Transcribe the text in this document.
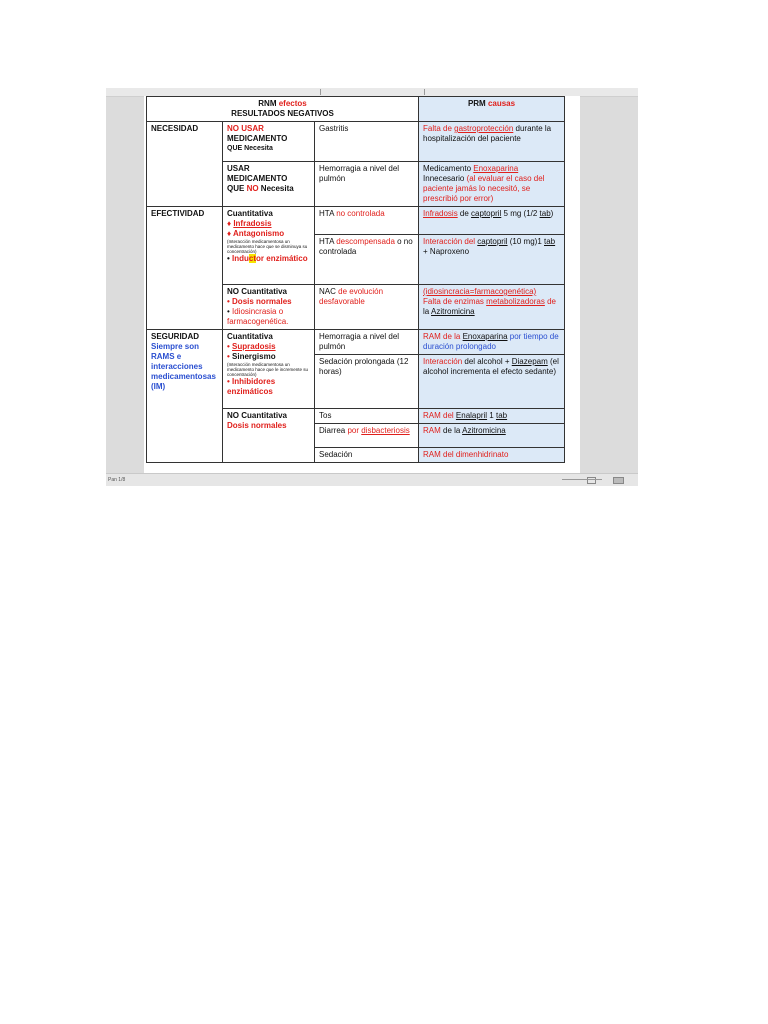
RNM efectos
RESULTADOS NEGATIVOS			PRM causas
NECESIDAD	NO USAR
MEDICAMENTO
QUE Necesita	Gastritis	Falta de gastroprotección durante la hospitalización del paciente

	USAR
MEDICAMENTO
QUE NO Necesita	Hemorragia a nivel del pulmón	Medicamento Enoxaparina Innecesario (al evaluar el caso del paciente jamás lo necesitó, se prescribió por error)
EFECTIVIDAD	Cuantitativa
♦ Infradosis
♦ Antagonismo
(Interacción medicamentosa un medicamento hace que se disminuya su concentración)
• Inductor enzimático	HTA no controlada	Infradosis de captopril 5 mg (1/2 tab)
		HTA descompensada o no controlada	Interacción del captopril (10 mg)1 tab + Naproxeno

	NO Cuantitativa
• Dosis normales
• Idiosincrasia o farmacogenética.	NAC de evolución desfavorable	(idiosincracia=farmacogenética)
Falta de enzimas metabolizadoras de la Azitromicina

SEGURIDAD
Siempre son RAMS e interacciones medicamentosas (IM)	Cuantitativa
• Supradosis
• Sinergismo
(Interacción medicamentosa un medicamento hace que le incremente su concentración)
• Inhibidores enzimáticos	Hemorragia a nivel del pulmón	RAM de la Enoxaparina por tiempo de duración prolongado
		Sedación prolongada (12 horas)	Interacción del alcohol + Diazepam (el alcohol incrementa el efecto sedante)

	NO Cuantitativa
Dosis normales	Tos	RAM del Enalapril 1 tab
		Diarrea por disbacteriosis	RAM de la Azitromicina
		Sedación	RAM del dimenhidrinato
Pan 1/8
